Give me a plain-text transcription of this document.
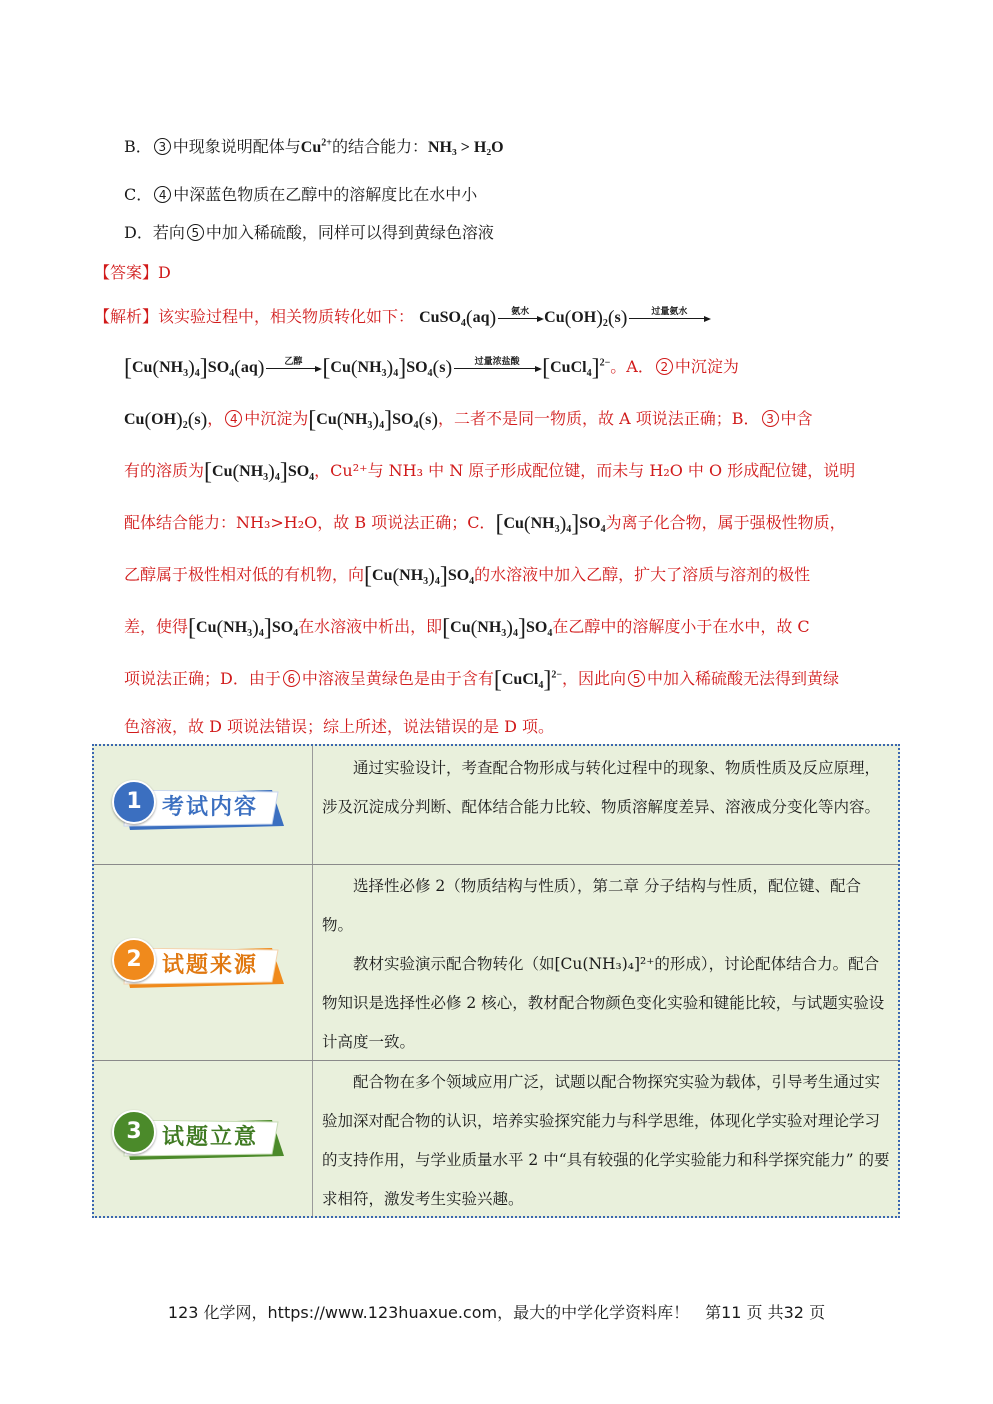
B． 3 中现象说明配体与$Cu^{2+}$的结合能力：NH₃ > H₂O
C． 4 中深蓝色物质在乙醇中的溶解度比在水中小
D．若向 5 中加入稀硫酸，同样可以得到黄绿色溶液
【答案】D
【解析】该实验过程中，相关物质转化如下： CuSO$_4$(aq)	氨水 $Cu(OH)_2(s)$	过量氨水
$[Cu(NH_3)_4]SO_4(aq)$	乙醇 $[Cu(NH_3)_4]SO_4(s)$	过量浓盐酸 [CuCl$_4$]$^{2-}$。A． 2 中沉淀为
$Cu(OH)_2(s)$， 4 中沉淀为$[Cu(NH_3)_4]SO_4(s)$，二者不是同一物质，故 A 项说法正确；B． 3 中含
有的溶质为$[Cu(NH_3)_4]SO_4$，Cu²⁺与 NH₃ 中 N 原子形成配位键，而未与 H₂O 中 O 形成配位键，说明
配体结合能力：NH₃>H₂O，故 B 项说法正确；C．$[Cu(NH_3)_4]SO_4$为离子化合物，属于强极性物质，
乙醇属于极性相对低的有机物，向$[Cu(NH_3)_4]SO_4$的水溶液中加入乙醇，扩大了溶质与溶剂的极性
差，使得$[Cu(NH_3)_4]SO_4$在水溶液中析出，即$[Cu(NH_3)_4]SO_4$在乙醇中的溶解度小于在水中，故 C
项说法正确；D．由于 6 中溶液呈黄绿色是由于含有[CuCl$_4$]$^{2-}$，因此向 5 中加入稀硫酸无法得到黄绿
色溶液，故 D 项说法错误；综上所述，说法错误的是 D 项。
1 考试内容

通过实验设计，考查配合物形成与转化过程中的现象、物质性质及反应原理，涉及沉淀成分判断、配体结合能力比较、物质溶解度差异、溶液成分变化等内容。

2 试题来源

选择性必修 2（物质结构与性质），第二章 分子结构与性质，配位键、配合物。

教材实验演示配合物转化（如[Cu(NH₃)₄]²⁺的形成），讨论配体结合力。配合物知识是选择性必修 2 核心，教材配合物颜色变化实验和键能比较，与试题实验设计高度一致。

3 试题立意

配合物在多个领域应用广泛，试题以配合物探究实验为载体，引导考生通过实验加深对配合物的认识，培养实验探究能力与科学思维，体现化学实验对理论学习的支持作用，与学业质量水平 2 中“具有较强的化学实验能力和科学探究能力” 的要求相符，激发考生实验兴趣。

123 化学网，https://www.123huaxue.com，最大的中学化学资料库！　第11 页 共32 页
